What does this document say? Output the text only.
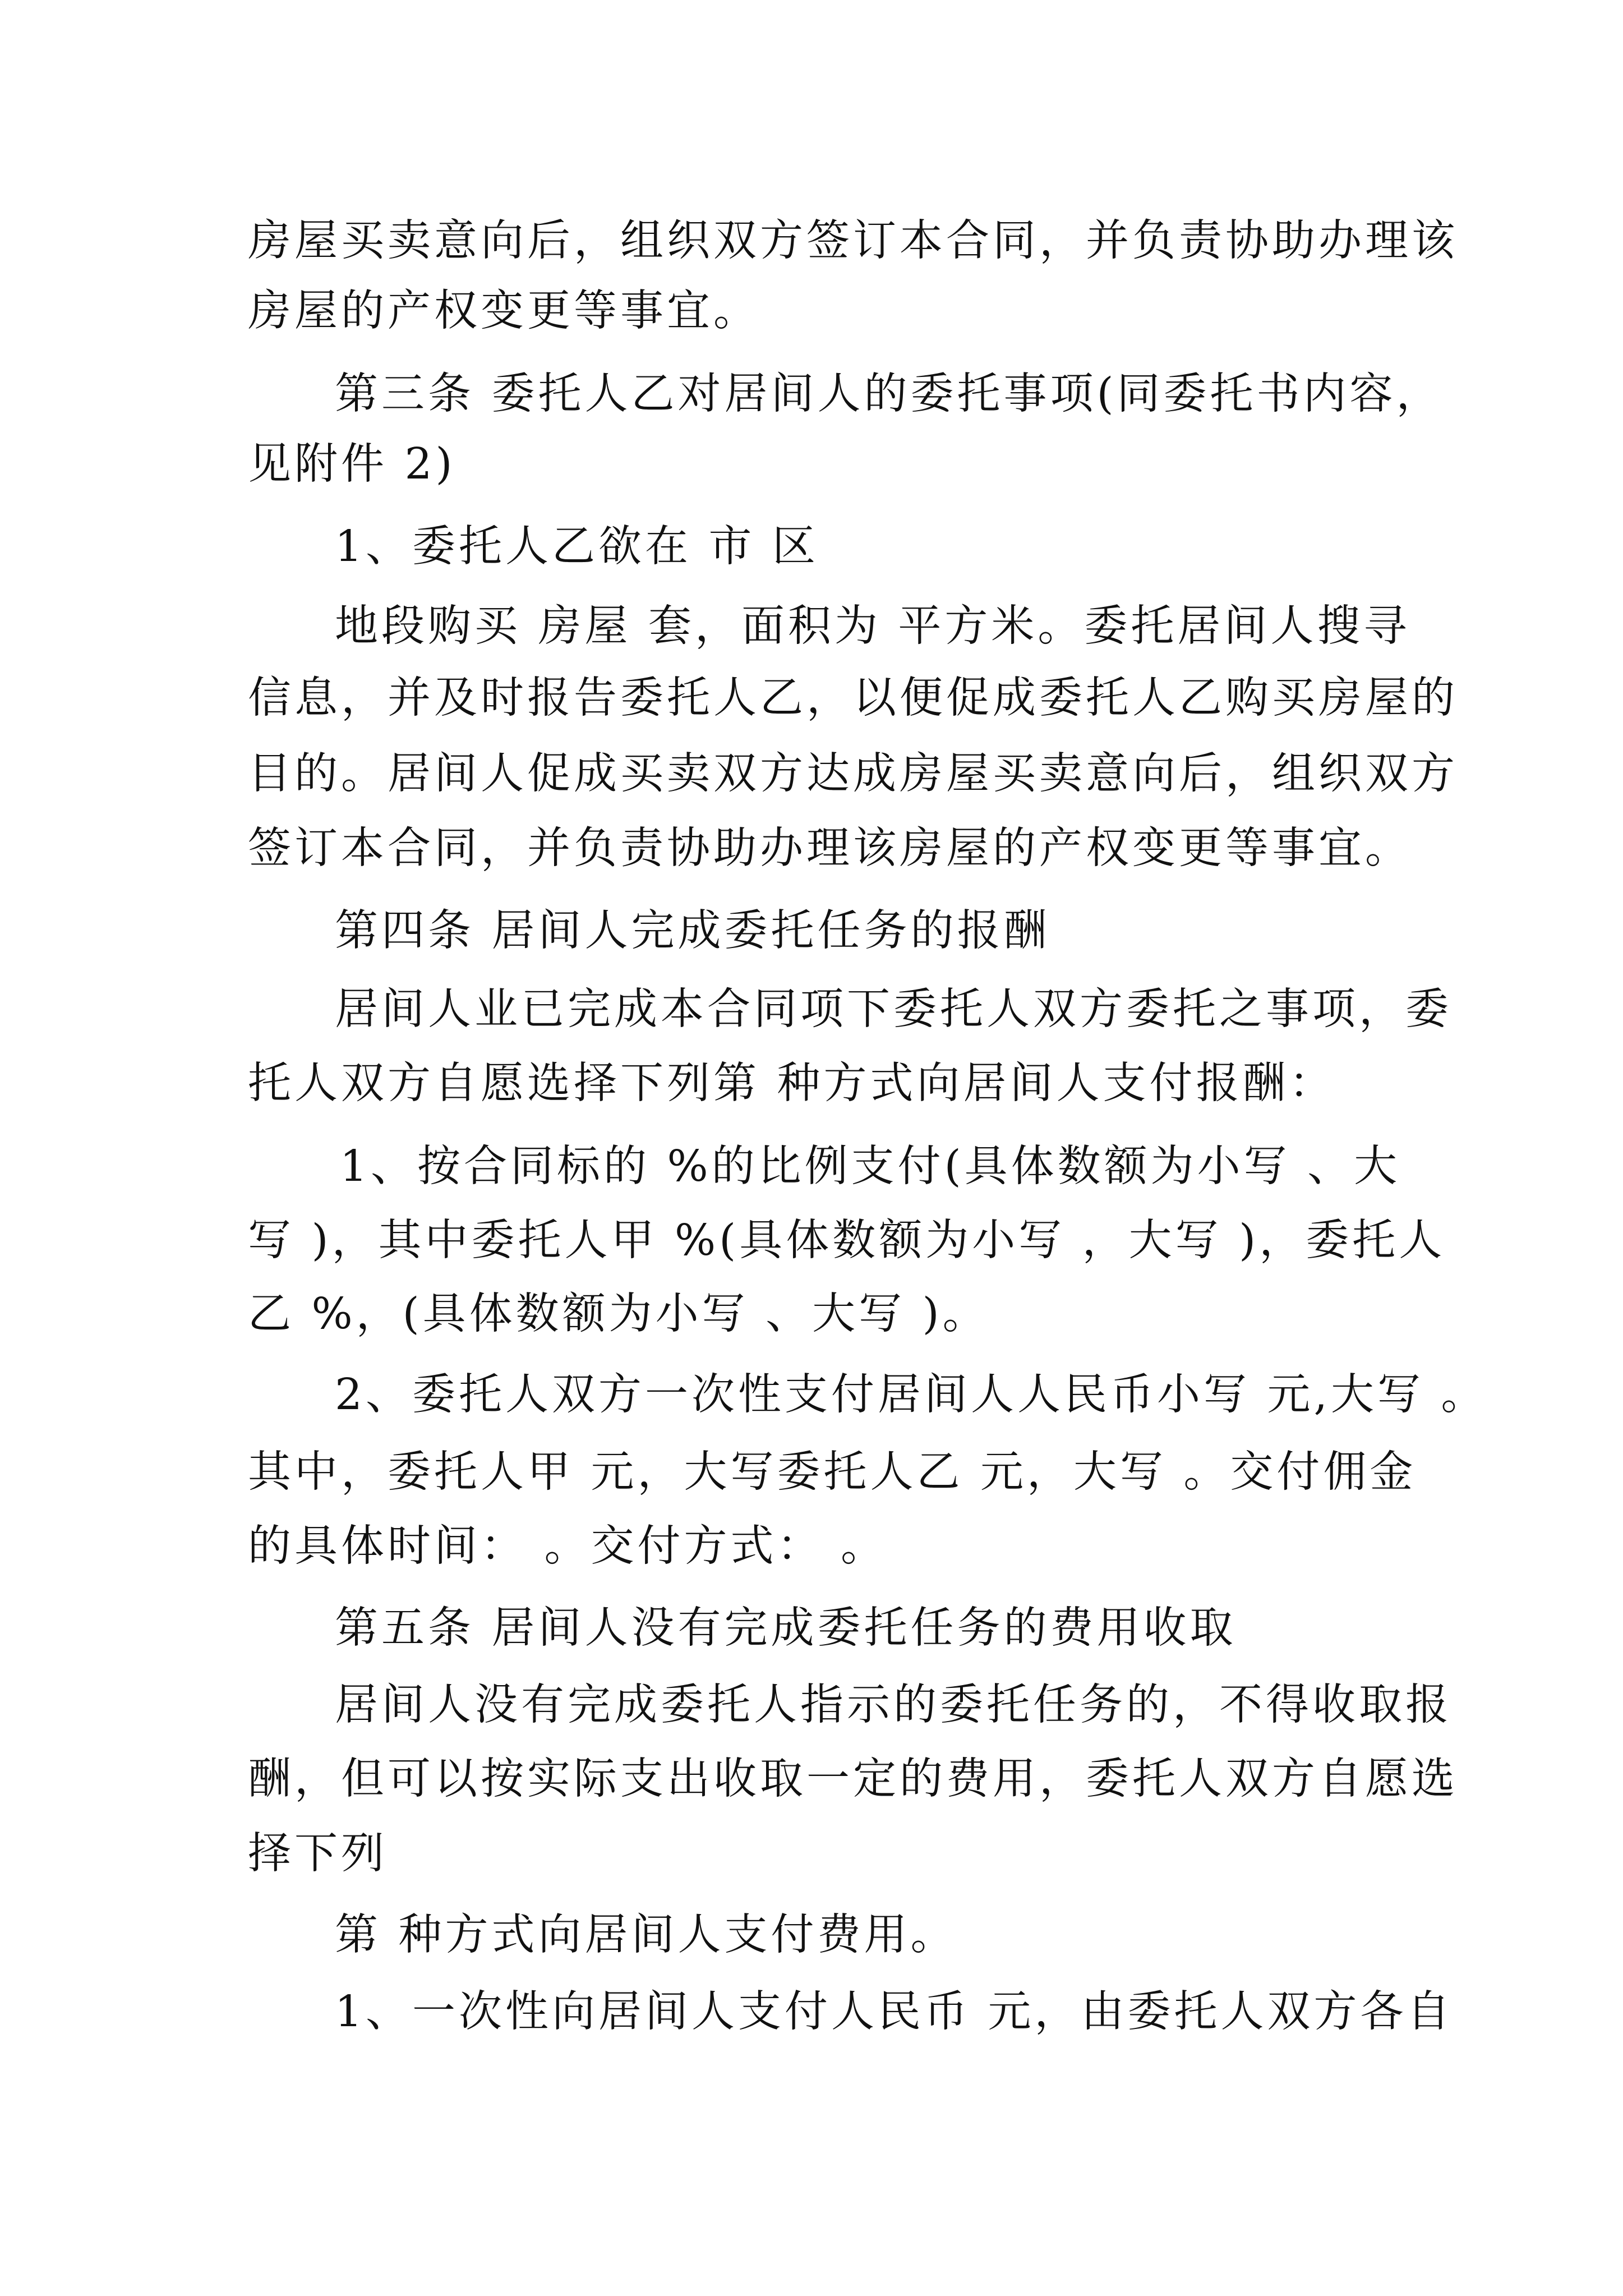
房屋买卖意向后，组织双方签订本合同，并负责协助办理该

房屋的产权变更等事宜。

第三条 委托人乙对居间人的委托事项(同委托书内容，

见附件 2)

1、委托人乙欲在 市 区

地段购买 房屋 套，面积为 平方米。委托居间人搜寻

信息，并及时报告委托人乙，以便促成委托人乙购买房屋的

目的。居间人促成买卖双方达成房屋买卖意向后，组织双方

签订本合同，并负责协助办理该房屋的产权变更等事宜。

第四条 居间人完成委托任务的报酬

居间人业已完成本合同项下委托人双方委托之事项，委

托人双方自愿选择下列第 种方式向居间人支付报酬：

1、按合同标的 %的比例支付(具体数额为小写 、大

写 )，其中委托人甲 %(具体数额为小写 ，大写 )，委托人

乙 %，(具体数额为小写 、大写 )。

2、委托人双方一次性支付居间人人民币小写 元,大写 。

其中，委托人甲 元，大写委托人乙 元，大写 。交付佣金

的具体时间： 。交付方式： 。

第五条 居间人没有完成委托任务的费用收取

居间人没有完成委托人指示的委托任务的，不得收取报

酬，但可以按实际支出收取一定的费用，委托人双方自愿选

择下列

第 种方式向居间人支付费用。

1、一次性向居间人支付人民币 元，由委托人双方各自
